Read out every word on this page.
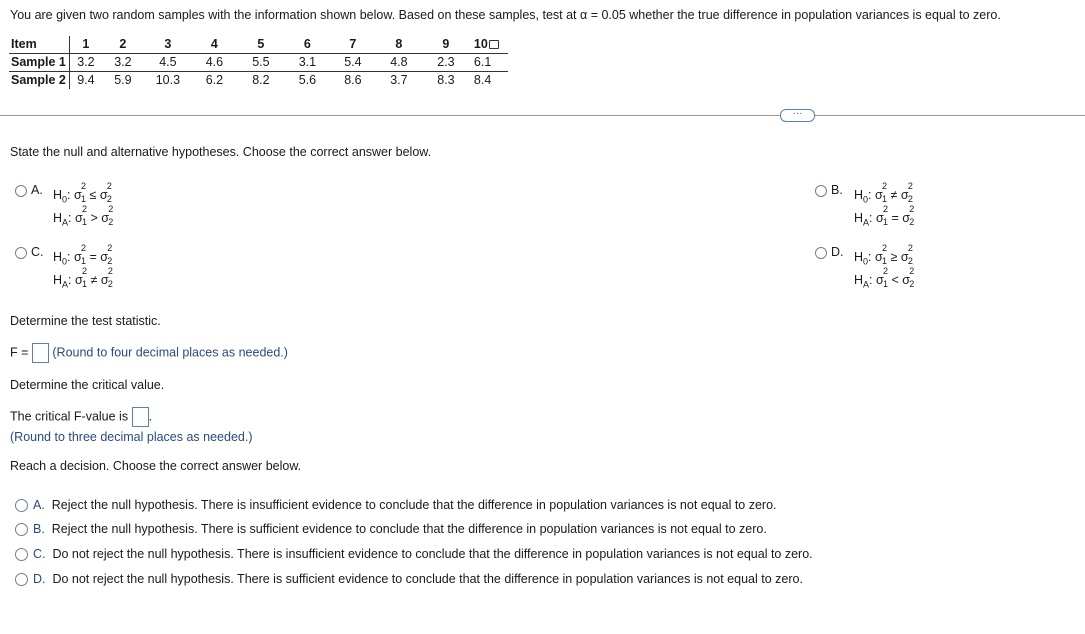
You are given two random samples with the information shown below. Based on these samples, test at α = 0.05 whether the true difference in population variances is equal to zero.
Item	1	2	3	4	5	6	7	8	9	10
Sample 1	3.2	3.2	4.5	4.6	5.5	3.1	5.4	4.8	2.3	6.1
Sample 2	9.4	5.9	10.3	6.2	8.2	5.6	8.6	3.7	8.3	8.4
···
State the null and alternative hypotheses. Choose the correct answer below.
A. $H_0$: σ
2
1 ≤ σ
2
2
$H_A$: σ
2
1 > σ
2
2
B. $H_0$: σ
2
1 ≠ σ
2
2
$H_A$: σ
2
1 = σ
2
2
C. $H_0$: σ
2
1 = σ
2
2
$H_A$: σ
2
1 ≠ σ
2
2
D. $H_0$: σ
2
1 ≥ σ
2
2
$H_A$: σ
2
1 < σ
2
2
Determine the test statistic.
F = (Round to four decimal places as needed.)
Determine the critical value.
The critical F-value is .
(Round to three decimal places as needed.)
Reach a decision. Choose the correct answer below.
A. Reject the null hypothesis. There is insufficient evidence to conclude that the difference in population variances is not equal to zero.
B. Reject the null hypothesis. There is sufficient evidence to conclude that the difference in population variances is not equal to zero.
C. Do not reject the null hypothesis. There is insufficient evidence to conclude that the difference in population variances is not equal to zero.
D. Do not reject the null hypothesis. There is sufficient evidence to conclude that the difference in population variances is not equal to zero.
